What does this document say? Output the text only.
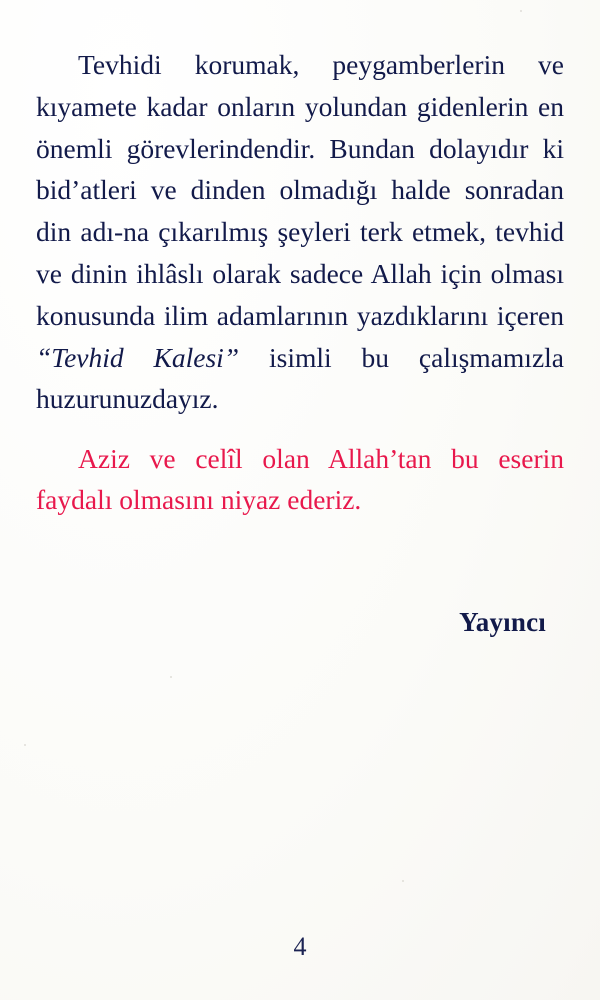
Tevhidi korumak, peygamberlerin ve kıyamete kadar onların yolundan gidenlerin en önemli görevlerindendir. Bundan dolayıdır ki bid’atleri ve dinden olmadığı halde sonradan din adı-na çıkarılmış şeyleri terk etmek, tevhid ve dinin ihlâslı olarak sadece Allah için olması konusunda ilim adamlarının yazdıklarını içeren “Tevhid Kalesi” isimli bu çalışmamızla huzurunuzdayız.

Aziz ve celîl olan Allah’tan bu eserin faydalı olmasını niyaz ederiz.

Yayıncı
4
